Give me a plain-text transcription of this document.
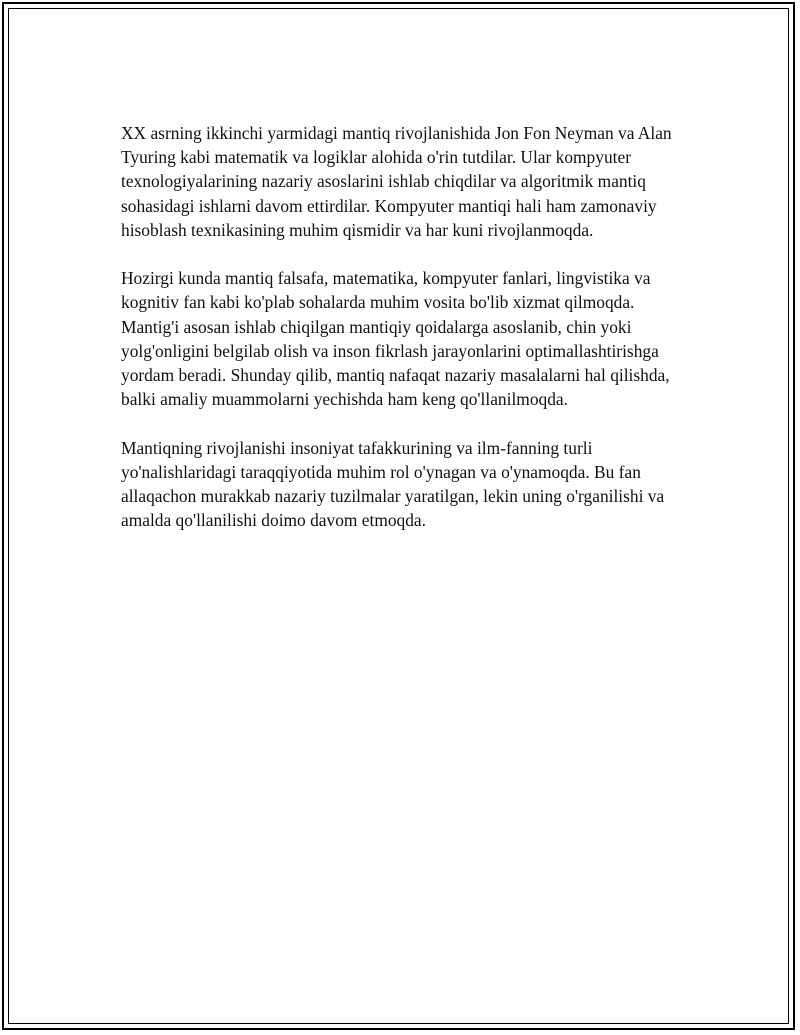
XX asrning ikkinchi yarmidagi mantiq rivojlanishida Jon Fon Neyman va Alan Tyuring kabi matematik va logiklar alohida o'rin tutdilar. Ular kompyuter texnologiyalarining nazariy asoslarini ishlab chiqdilar va algoritmik mantiq sohasidagi ishlarni davom ettirdilar. Kompyuter mantiqi hali ham zamonaviy hisoblash texnikasining muhim qismidir va har kuni rivojlanmoqda.

Hozirgi kunda mantiq falsafa, matematika, kompyuter fanlari, lingvistika va kognitiv fan kabi ko'plab sohalarda muhim vosita bo'lib xizmat qilmoqda. Mantig'i asosan ishlab chiqilgan mantiqiy qoidalarga asoslanib, chin yoki yolg'onligini belgilab olish va inson fikrlash jarayonlarini optimallashtirishga yordam beradi. Shunday qilib, mantiq nafaqat nazariy masalalarni hal qilishda, balki amaliy muammolarni yechishda ham keng qo'llanilmoqda.

Mantiqning rivojlanishi insoniyat tafakkurining va ilm-fanning turli yo'nalishlaridagi taraqqiyotida muhim rol o'ynagan va o'ynamoqda. Bu fan allaqachon murakkab nazariy tuzilmalar yaratilgan, lekin uning o'rganilishi va amalda qo'llanilishi doimo davom etmoqda.
